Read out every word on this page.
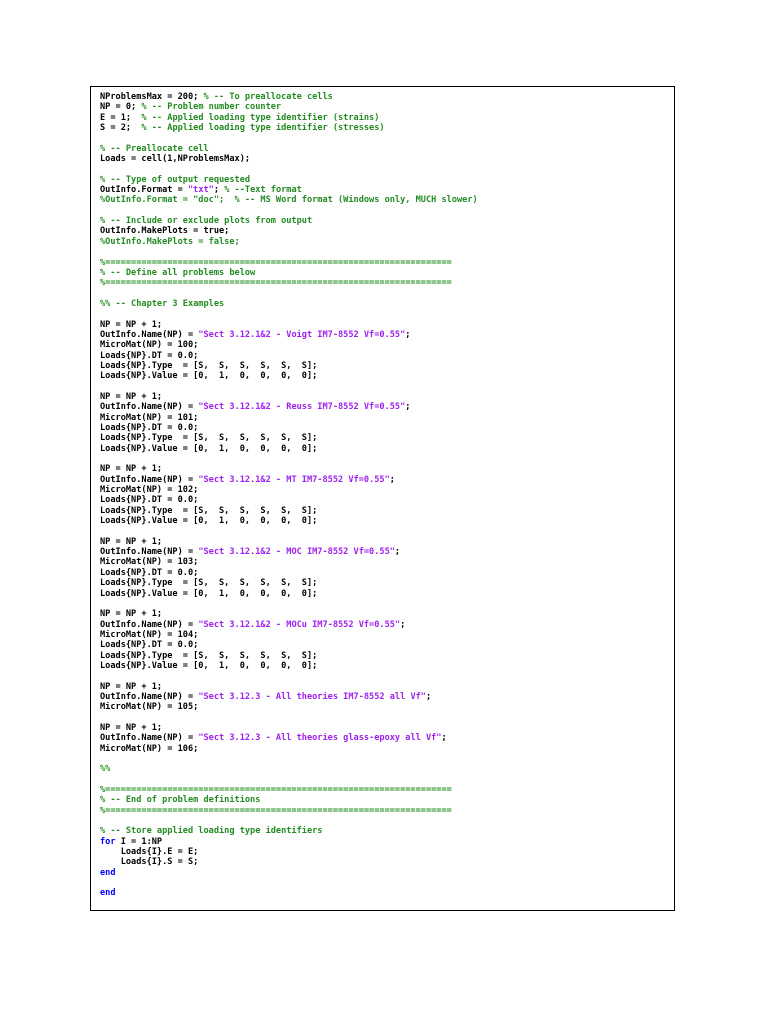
NProblemsMax = 200; % -- To preallocate cells
NP = 0; % -- Problem number counter
E = 1;  % -- Applied loading type identifier (strains)
S = 2;  % -- Applied loading type identifier (stresses)
% -- Preallocate cell
Loads = cell(1,NProblemsMax);
% -- Type of output requested
OutInfo.Format = "txt"; % --Text format
%OutInfo.Format = "doc";  % -- MS Word format (Windows only, MUCH slower)
% -- Include or exclude plots from output
OutInfo.MakePlots = true;
%OutInfo.MakePlots = false;
%===================================================================
% -- Define all problems below
%===================================================================
%% -- Chapter 3 Examples
NP = NP + 1;
OutInfo.Name(NP) = "Sect 3.12.1&2 - Voigt IM7-8552 Vf=0.55";
MicroMat(NP) = 100;
Loads{NP}.DT = 0.0;
Loads{NP}.Type  = [S,  S,  S,  S,  S,  S];
Loads{NP}.Value = [0,  1,  0,  0,  0,  0];
NP = NP + 1;
OutInfo.Name(NP) = "Sect 3.12.1&2 - Reuss IM7-8552 Vf=0.55";
MicroMat(NP) = 101;
Loads{NP}.DT = 0.0;
Loads{NP}.Type  = [S,  S,  S,  S,  S,  S];
Loads{NP}.Value = [0,  1,  0,  0,  0,  0];
NP = NP + 1;
OutInfo.Name(NP) = "Sect 3.12.1&2 - MT IM7-8552 Vf=0.55";
MicroMat(NP) = 102;
Loads{NP}.DT = 0.0;
Loads{NP}.Type  = [S,  S,  S,  S,  S,  S];
Loads{NP}.Value = [0,  1,  0,  0,  0,  0];
NP = NP + 1;
OutInfo.Name(NP) = "Sect 3.12.1&2 - MOC IM7-8552 Vf=0.55";
MicroMat(NP) = 103;
Loads{NP}.DT = 0.0;
Loads{NP}.Type  = [S,  S,  S,  S,  S,  S];
Loads{NP}.Value = [0,  1,  0,  0,  0,  0];
NP = NP + 1;
OutInfo.Name(NP) = "Sect 3.12.1&2 - MOCu IM7-8552 Vf=0.55";
MicroMat(NP) = 104;
Loads{NP}.DT = 0.0;
Loads{NP}.Type  = [S,  S,  S,  S,  S,  S];
Loads{NP}.Value = [0,  1,  0,  0,  0,  0];
NP = NP + 1;
OutInfo.Name(NP) = "Sect 3.12.3 - All theories IM7-8552 all Vf";
MicroMat(NP) = 105;
NP = NP + 1;
OutInfo.Name(NP) = "Sect 3.12.3 - All theories glass-epoxy all Vf";
MicroMat(NP) = 106;
%%
%===================================================================
% -- End of problem definitions
%===================================================================
% -- Store applied loading type identifiers
for I = 1:NP
Loads{I}.E = E;
Loads{I}.S = S;
end
end
